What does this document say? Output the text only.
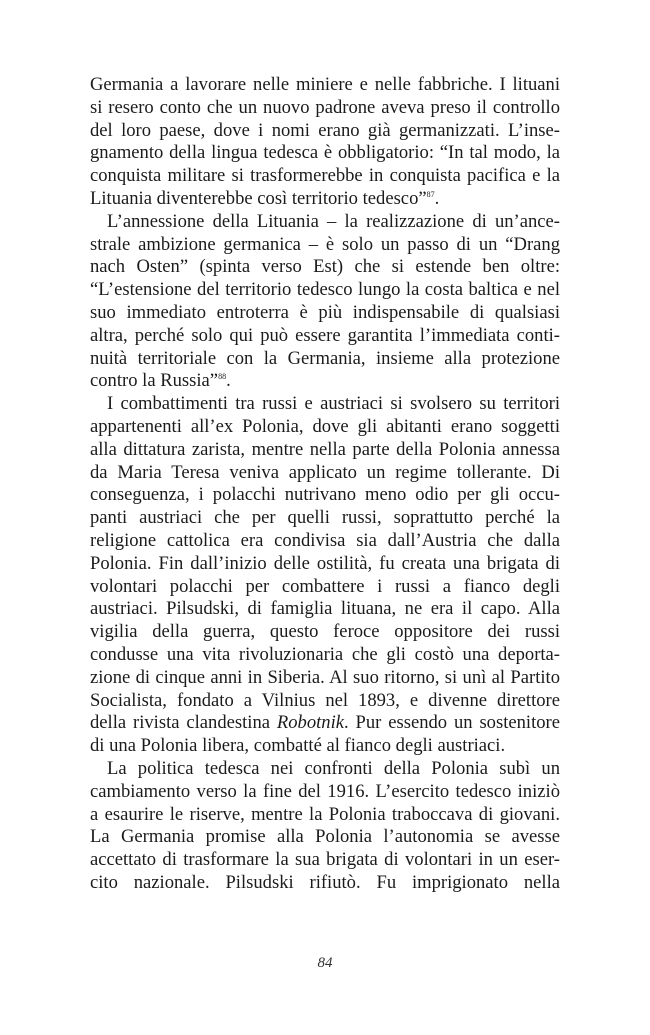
Germania a lavorare nelle miniere e nelle fabbriche. I lituani
si resero conto che un nuovo padrone aveva preso il controllo
del loro paese, dove i nomi erano già germanizzati. L’inse-
gnamento della lingua tedesca è obbligatorio: “In tal modo, la
conquista militare si trasformerebbe in conquista pacifica e la
Lituania diventerebbe così territorio tedesco”$^{87}$.
L’annessione della Lituania – la realizzazione di un’ance-
strale ambizione germanica – è solo un passo di un “Drang
nach Osten” (spinta verso Est) che si estende ben oltre:
“L’estensione del territorio tedesco lungo la costa baltica e nel
suo immediato entroterra è più indispensabile di qualsiasi
altra, perché solo qui può essere garantita l’immediata conti-
nuità territoriale con la Germania, insieme alla protezione
contro la Russia”$^{88}$.
I combattimenti tra russi e austriaci si svolsero su territori
appartenenti all’ex Polonia, dove gli abitanti erano soggetti
alla dittatura zarista, mentre nella parte della Polonia annessa
da Maria Teresa veniva applicato un regime tollerante. Di
conseguenza, i polacchi nutrivano meno odio per gli occu-
panti austriaci che per quelli russi, soprattutto perché la
religione cattolica era condivisa sia dall’Austria che dalla
Polonia. Fin dall’inizio delle ostilità, fu creata una brigata di
volontari polacchi per combattere i russi a fianco degli
austriaci. Pilsudski, di famiglia lituana, ne era il capo. Alla
vigilia della guerra, questo feroce oppositore dei russi
condusse una vita rivoluzionaria che gli costò una deporta-
zione di cinque anni in Siberia. Al suo ritorno, si unì al Partito
Socialista, fondato a Vilnius nel 1893, e divenne direttore
della rivista clandestina Robotnik. Pur essendo un sostenitore
di una Polonia libera, combatté al fianco degli austriaci.
La politica tedesca nei confronti della Polonia subì un
cambiamento verso la fine del 1916. L’esercito tedesco iniziò
a esaurire le riserve, mentre la Polonia traboccava di giovani.
La Germania promise alla Polonia l’autonomia se avesse
accettato di trasformare la sua brigata di volontari in un eser-
cito nazionale. Pilsudski rifiutò. Fu imprigionato nella
84
